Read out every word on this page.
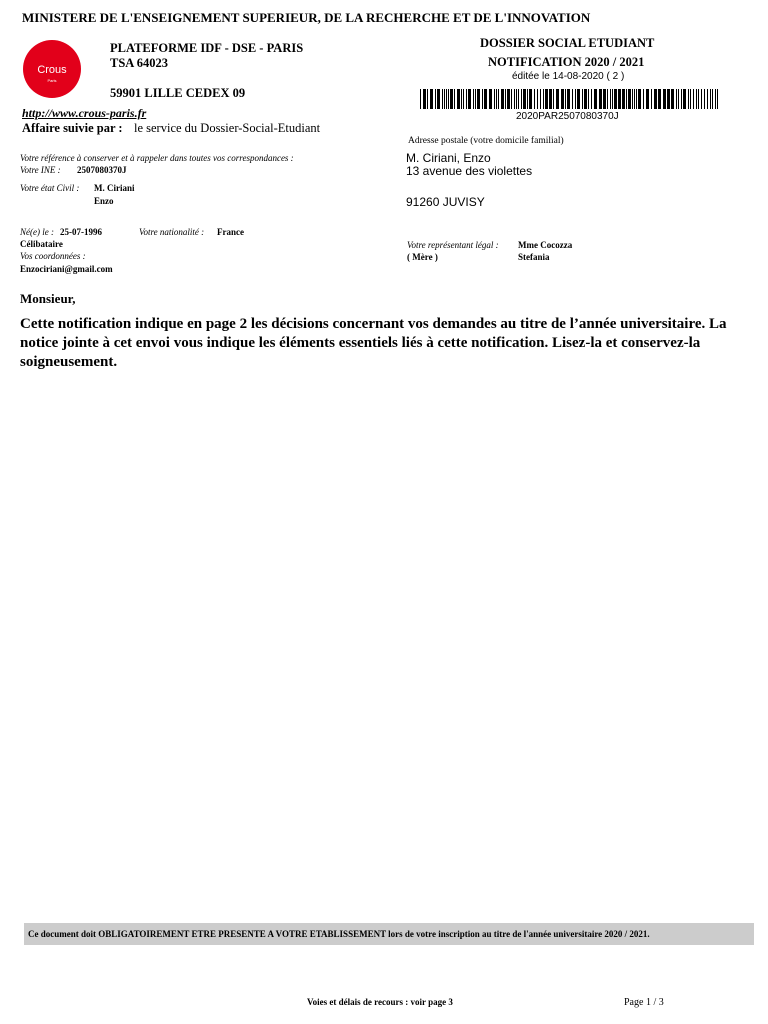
MINISTERE DE L'ENSEIGNEMENT SUPERIEUR, DE LA RECHERCHE ET DE L'INNOVATION
Crous
Paris
PLATEFORME IDF - DSE - PARIS
TSA 64023
59901 LILLE CEDEX 09
http://www.crous-paris.fr
Affaire suivie par : le service du Dossier-Social-Etudiant
DOSSIER SOCIAL ETUDIANT
NOTIFICATION 2020 / 2021
éditée le 14-08-2020 ( 2 )
2020PAR2507080370J
Adresse postale (votre domicile familial)
M. Ciriani, Enzo
13 avenue des violettes
91260 JUVISY
Votre référence à conserver et à rappeler dans toutes vos correspondances :
Votre INE : 2507080370J
Votre état Civil : M. Ciriani
Enzo
Né(e) le : 25-07-1996	Votre nationalité : France
Célibataire
Vos coordonnées :
Enzociriani@gmail.com
Votre représentant légal : Mme Cocozza
( Mère )	Stefania
Monsieur,
Cette notification indique en page 2 les décisions concernant vos demandes au titre de l’année universitaire. La notice jointe à cet envoi vous indique les éléments essentiels liés à cette notification. Lisez-la et conservez-la soigneusement.
Ce document doit OBLIGATOIREMENT ETRE PRESENTE A VOTRE ETABLISSEMENT lors de votre inscription au titre de l'année universitaire 2020 / 2021.
Voies et délais de recours : voir page 3	Page 1 / 3
